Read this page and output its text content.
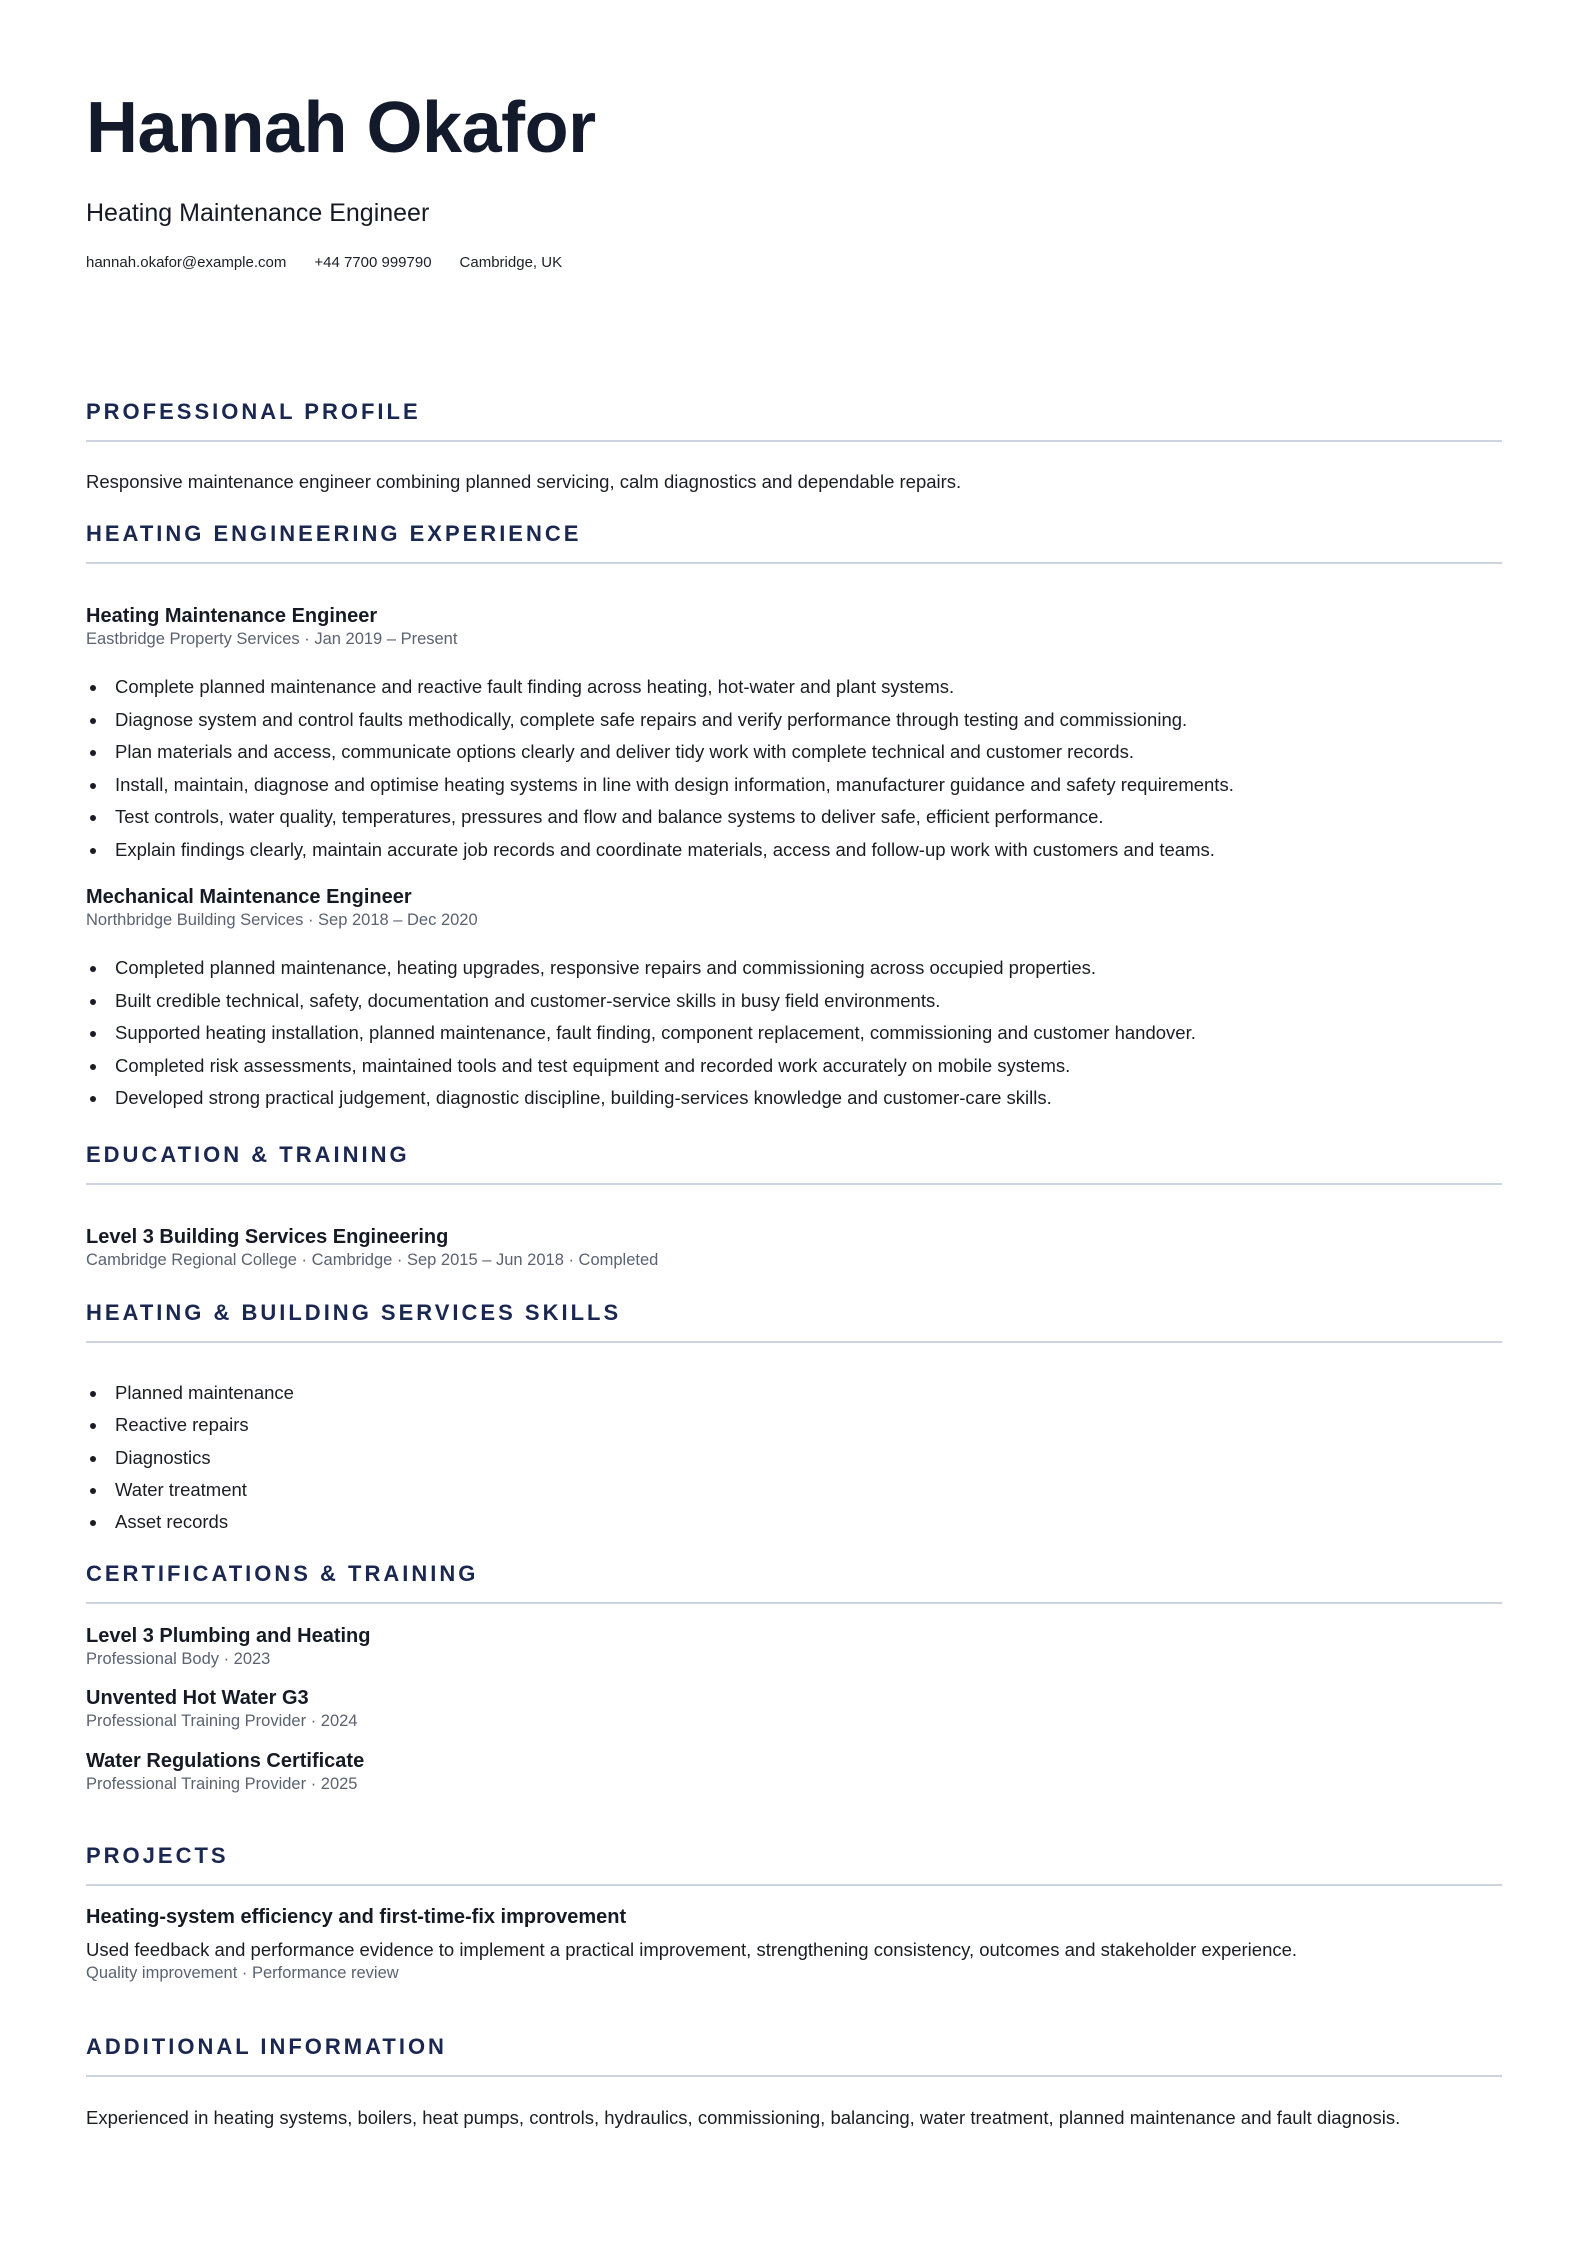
Hannah Okafor
Heating Maintenance Engineer
hannah.okafor@example.com +44 7700 999790 Cambridge, UK
PROFESSIONAL PROFILE
Responsive maintenance engineer combining planned servicing, calm diagnostics and dependable repairs.
HEATING ENGINEERING EXPERIENCE
Heating Maintenance Engineer
Eastbridge Property Services · Jan 2019 – Present
Complete planned maintenance and reactive fault finding across heating, hot-water and plant systems.
Diagnose system and control faults methodically, complete safe repairs and verify performance through testing and commissioning.
Plan materials and access, communicate options clearly and deliver tidy work with complete technical and customer records.
Install, maintain, diagnose and optimise heating systems in line with design information, manufacturer guidance and safety requirements.
Test controls, water quality, temperatures, pressures and flow and balance systems to deliver safe, efficient performance.
Explain findings clearly, maintain accurate job records and coordinate materials, access and follow-up work with customers and teams.
Mechanical Maintenance Engineer
Northbridge Building Services · Sep 2018 – Dec 2020
Completed planned maintenance, heating upgrades, responsive repairs and commissioning across occupied properties.
Built credible technical, safety, documentation and customer-service skills in busy field environments.
Supported heating installation, planned maintenance, fault finding, component replacement, commissioning and customer handover.
Completed risk assessments, maintained tools and test equipment and recorded work accurately on mobile systems.
Developed strong practical judgement, diagnostic discipline, building-services knowledge and customer-care skills.
EDUCATION & TRAINING
Level 3 Building Services Engineering
Cambridge Regional College · Cambridge · Sep 2015 – Jun 2018 · Completed
HEATING & BUILDING SERVICES SKILLS
Planned maintenance
Reactive repairs
Diagnostics
Water treatment
Asset records
CERTIFICATIONS & TRAINING
Level 3 Plumbing and Heating
Professional Body · 2023
Unvented Hot Water G3
Professional Training Provider · 2024
Water Regulations Certificate
Professional Training Provider · 2025
PROJECTS
Heating-system efficiency and first-time-fix improvement
Used feedback and performance evidence to implement a practical improvement, strengthening consistency, outcomes and stakeholder experience.
Quality improvement · Performance review
ADDITIONAL INFORMATION
Experienced in heating systems, boilers, heat pumps, controls, hydraulics, commissioning, balancing, water treatment, planned maintenance and fault diagnosis.
